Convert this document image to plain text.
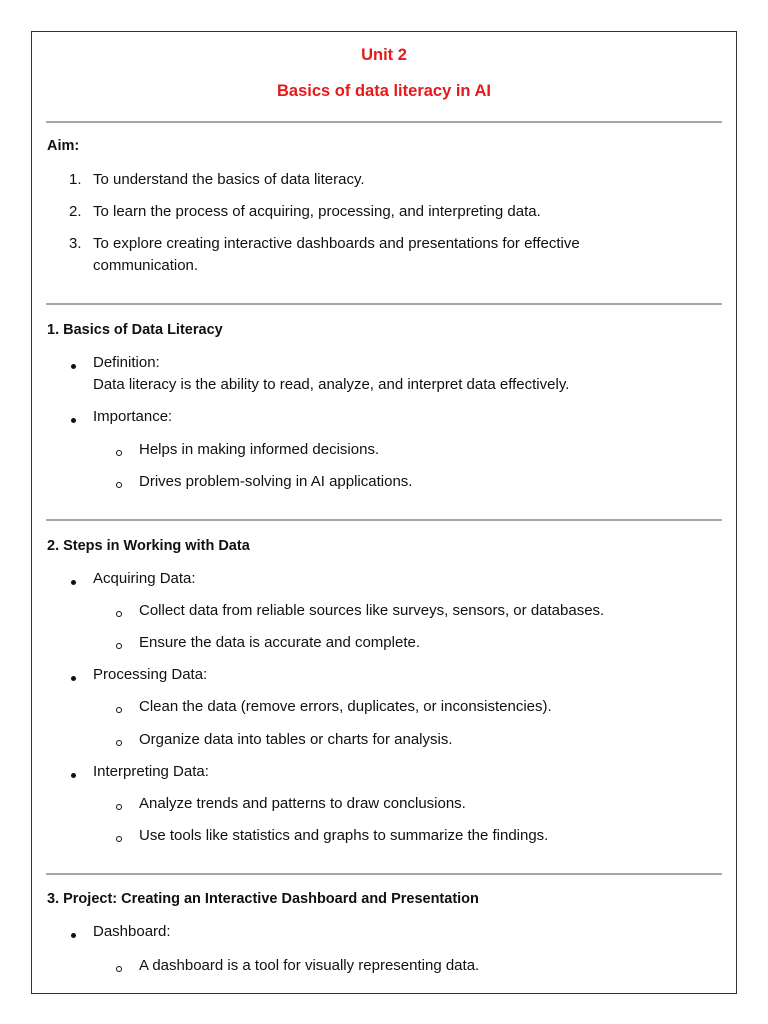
Unit 2
Basics of data literacy in AI
Aim:
1. To understand the basics of data literacy.
2. To learn the process of acquiring, processing, and interpreting data.
3. To explore creating interactive dashboards and presentations for effective
communication.
1. Basics of Data Literacy
Definition:
Data literacy is the ability to read, analyze, and interpret data effectively.
Importance:
Helps in making informed decisions.
Drives problem-solving in AI applications.
2. Steps in Working with Data
Acquiring Data:
Collect data from reliable sources like surveys, sensors, or databases.
Ensure the data is accurate and complete.
Processing Data:
Clean the data (remove errors, duplicates, or inconsistencies).
Organize data into tables or charts for analysis.
Interpreting Data:
Analyze trends and patterns to draw conclusions.
Use tools like statistics and graphs to summarize the findings.
3. Project: Creating an Interactive Dashboard and Presentation
Dashboard:
A dashboard is a tool for visually representing data.
